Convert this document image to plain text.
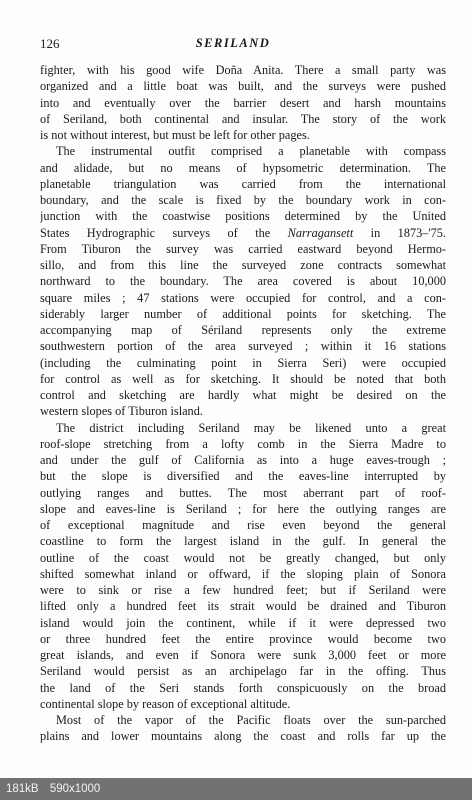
126	SERILAND
fighter, with his good wife Doña Anita. There a small party was
organized and a little boat was built, and the surveys were pushed
into and eventually over the barrier desert and harsh mountains
of Seriland, both continental and insular. The story of the work
is not without interest, but must be left for other pages.
The instrumental outfit comprised a planetable with compass
and alidade, but no means of hypsometric determination. The
planetable triangulation was carried from the international
boundary, and the scale is fixed by the boundary work in con-
junction with the coastwise positions determined by the United
States Hydrographic surveys of the Narragansett in 1873–'75.
From Tiburon the survey was carried eastward beyond Hermo-
sillo, and from this line the surveyed zone contracts somewhat
northward to the boundary. The area covered is about 10,000
square miles ; 47 stations were occupied for control, and a con-
siderably larger number of additional points for sketching. The
accompanying map of Sériland represents only the extreme
southwestern portion of the area surveyed ; within it 16 stations
(including the culminating point in Sierra Seri) were occupied
for control as well as for sketching. It should be noted that both
control and sketching are hardly what might be desired on the
western slopes of Tiburon island.
The district including Seriland may be likened unto a great
roof-slope stretching from a lofty comb in the Sierra Madre to
and under the gulf of California as into a huge eaves-trough ;
but the slope is diversified and the eaves-line interrupted by
outlying ranges and buttes. The most aberrant part of roof-
slope and eaves-line is Seriland ; for here the outlying ranges are
of exceptional magnitude and rise even beyond the general
coastline to form the largest island in the gulf. In general the
outline of the coast would not be greatly changed, but only
shifted somewhat inland or offward, if the sloping plain of Sonora
were to sink or rise a few hundred feet; but if Seriland were
lifted only a hundred feet its strait would be drained and Tiburon
island would join the continent, while if it were depressed two
or three hundred feet the entire province would become two
great islands, and even if Sonora were sunk 3,000 feet or more
Seriland would persist as an archipelago far in the offing. Thus
the land of the Seri stands forth conspicuously on the broad
continental slope by reason of exceptional altitude.
Most of the vapor of the Pacific floats over the sun-parched
plains and lower mountains along the coast and rolls far up the
181kB 590x1000
